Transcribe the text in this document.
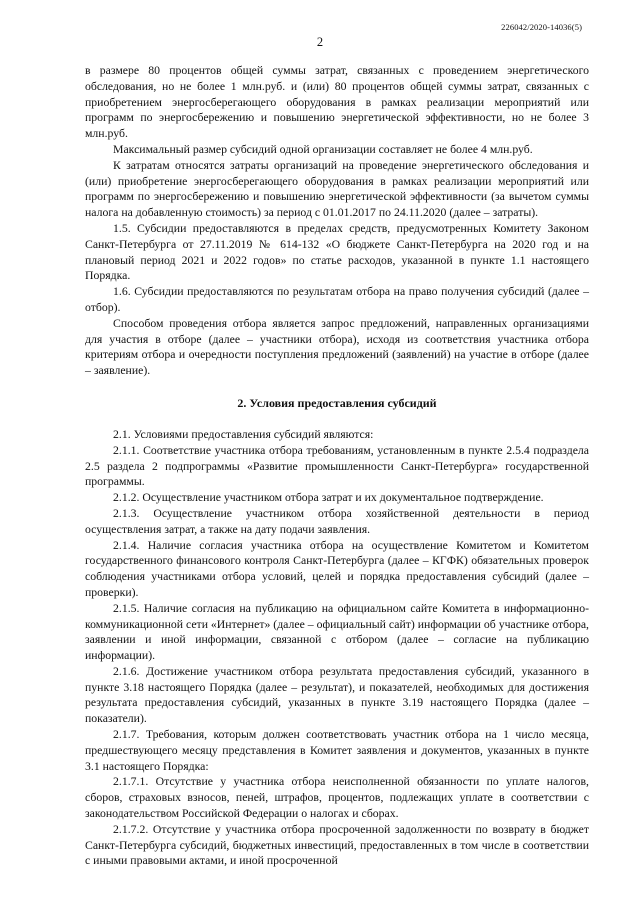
226042/2020-14036(5)
2

в размере 80 процентов общей суммы затрат, связанных с проведением энергетического обследования, но не более 1 млн.руб. и (или) 80 процентов общей суммы затрат, связанных с приобретением энергосберегающего оборудования в рамках реализации мероприятий или программ по энергосбережению и повышению энергетической эффективности, но не более 3 млн.руб.

Максимальный размер субсидий одной организации составляет не более 4 млн.руб.

К затратам относятся затраты организаций на проведение энергетического обследования и (или) приобретение энергосберегающего оборудования в рамках реализации мероприятий или программ по энергосбережению и повышению энергетической эффективности (за вычетом суммы налога на добавленную стоимость) за период с 01.01.2017 по 24.11.2020 (далее – затраты).

1.5. Субсидии предоставляются в пределах средств, предусмотренных Комитету Законом Санкт-Петербурга от 27.11.2019 № 614-132 «О бюджете Санкт-Петербурга на 2020 год и на плановый период 2021 и 2022 годов» по статье расходов, указанной в пункте 1.1 настоящего Порядка.

1.6. Субсидии предоставляются по результатам отбора на право получения субсидий (далее – отбор).

Способом проведения отбора является запрос предложений, направленных организациями для участия в отборе (далее – участники отбора), исходя из соответствия участника отбора критериям отбора и очередности поступления предложений (заявлений) на участие в отборе (далее – заявление).

2. Условия предоставления субсидий

2.1. Условиями предоставления субсидий являются:

2.1.1. Соответствие участника отбора требованиям, установленным в пункте 2.5.4 подраздела 2.5 раздела 2 подпрограммы «Развитие промышленности Санкт-Петербурга» государственной программы.

2.1.2. Осуществление участником отбора затрат и их документальное подтверждение.

2.1.3. Осуществление участником отбора хозяйственной деятельности в период осуществления затрат, а также на дату подачи заявления.

2.1.4. Наличие согласия участника отбора на осуществление Комитетом и Комитетом государственного финансового контроля Санкт-Петербурга (далее – КГФК) обязательных проверок соблюдения участниками отбора условий, целей и порядка предоставления субсидий (далее – проверки).

2.1.5. Наличие согласия на публикацию на официальном сайте Комитета в информационно-коммуникационной сети «Интернет» (далее – официальный сайт) информации об участнике отбора, заявлении и иной информации, связанной с отбором (далее – согласие на публикацию информации).

2.1.6. Достижение участником отбора результата предоставления субсидий, указанного в пункте 3.18 настоящего Порядка (далее – результат), и показателей, необходимых для достижения результата предоставления субсидий, указанных в пункте 3.19 настоящего Порядка (далее – показатели).

2.1.7. Требования, которым должен соответствовать участник отбора на 1 число месяца, предшествующего месяцу представления в Комитет заявления и документов, указанных в пункте 3.1 настоящего Порядка:

2.1.7.1. Отсутствие у участника отбора неисполненной обязанности по уплате налогов, сборов, страховых взносов, пеней, штрафов, процентов, подлежащих уплате в соответствии с законодательством Российской Федерации о налогах и сборах.

2.1.7.2. Отсутствие у участника отбора просроченной задолженности по возврату в бюджет Санкт-Петербурга субсидий, бюджетных инвестиций, предоставленных в том числе в соответствии с иными правовыми актами, и иной просроченной
